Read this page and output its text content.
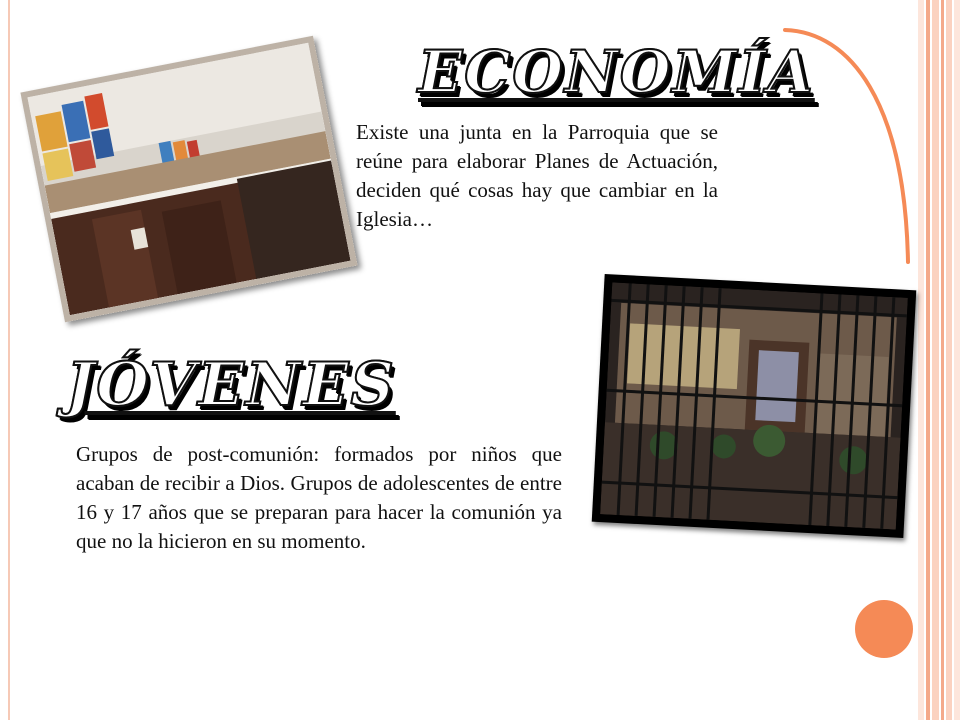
ECONOMÍA

Existe una junta en la Parroquia que se reúne para elaborar Planes de Actuación, deciden qué cosas hay que cambiar en la Iglesia…

JÓVENES

Grupos de post-comunión: formados por niños que acaban de recibir a Dios. Grupos de adolescentes de entre 16 y 17 años que se preparan para hacer la comunión ya que no la hicieron en su momento.
